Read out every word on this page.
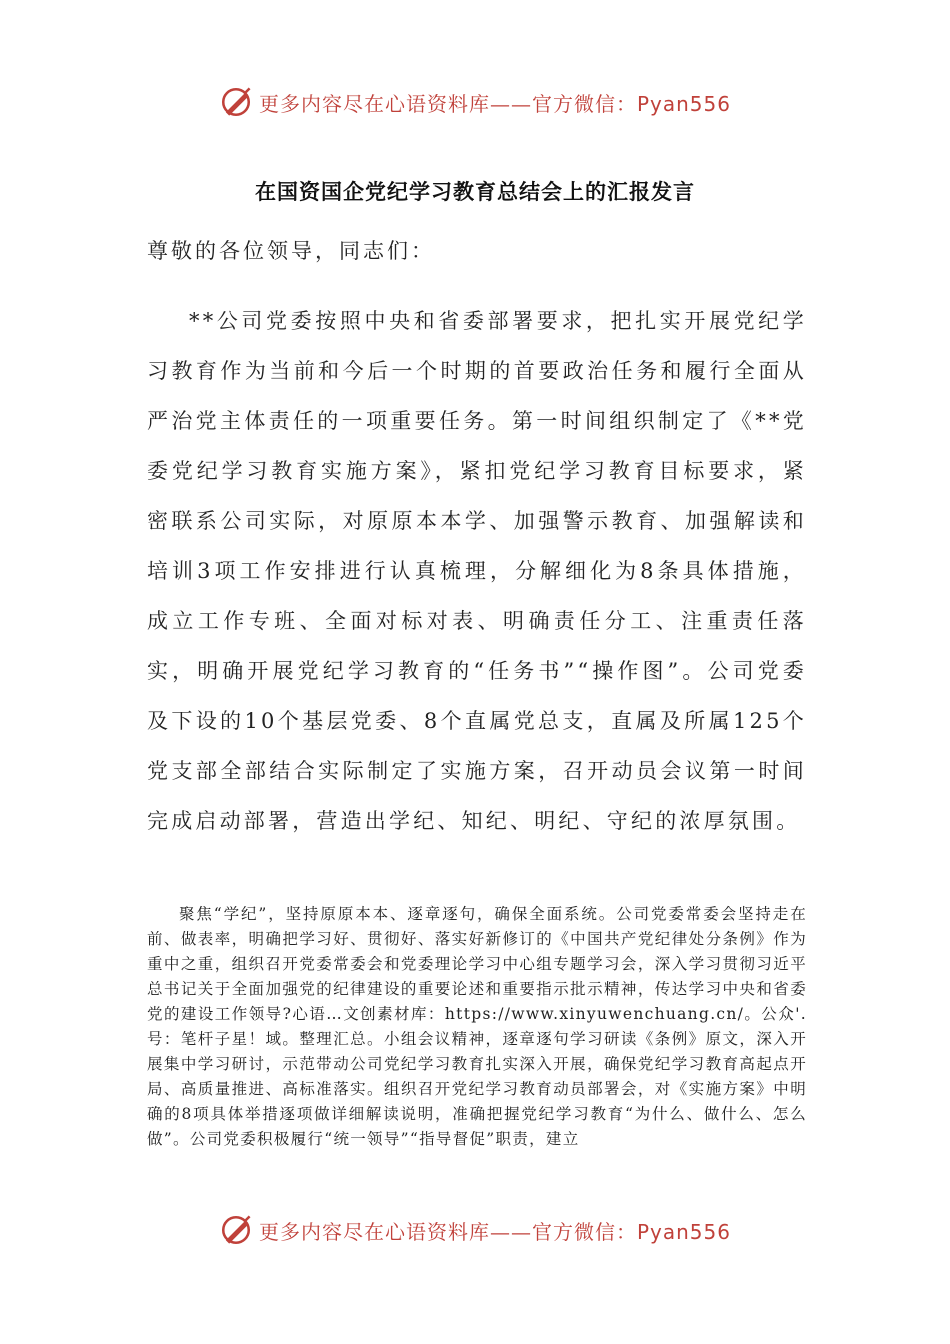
更多内容尽在心语资料库——官方微信：Pyan556
在国资国企党纪学习教育总结会上的汇报发言
尊敬的各位领导，同志们：

**公司党委按照中央和省委部署要求，把扎实开展党纪学习教育作为当前和今后一个时期的首要政治任务和履行全面从严治党主体责任的一项重要任务。第一时间组织制定了《**党委党纪学习教育实施方案》，紧扣党纪学习教育目标要求，紧密联系公司实际，对原原本本学、加强警示教育、加强解读和培训3项工作安排进行认真梳理，分解细化为8条具体措施，成立工作专班、全面对标对表、明确责任分工、注重责任落实，明确开展党纪学习教育的“任务书”“操作图”。公司党委及下设的10个基层党委、8个直属党总支，直属及所属125个党支部全部结合实际制定了实施方案，召开动员会议第一时间完成启动部署，营造出学纪、知纪、明纪、守纪的浓厚氛围。

聚焦“学纪”，坚持原原本本、逐章逐句，确保全面系统。公司党委常委会坚持走在前、做表率，明确把学习好、贯彻好、落实好新修订的《中国共产党纪律处分条例》作为重中之重，组织召开党委常委会和党委理论学习中心组专题学习会，深入学习贯彻习近平总书记关于全面加强党的纪律建设的重要论述和重要指示批示精神，传达学习中央和省委党的建设工作领导?心语…文创素材库：https://www.xinyuwenchuang.cn/。公众'.号：笔杆子星！域。整理汇总。小组会议精神，逐章逐句学习研读《条例》原文，深入开展集中学习研讨，示范带动公司党纪学习教育扎实深入开展，确保党纪学习教育高起点开局、高质量推进、高标准落实。组织召开党纪学习教育动员部署会，对《实施方案》中明确的8项具体举措逐项做详细解读说明，准确把握党纪学习教育“为什么、做什么、怎么做”。公司党委积极履行“统一领导”“指导督促”职责，建立

更多内容尽在心语资料库——官方微信：Pyan556
